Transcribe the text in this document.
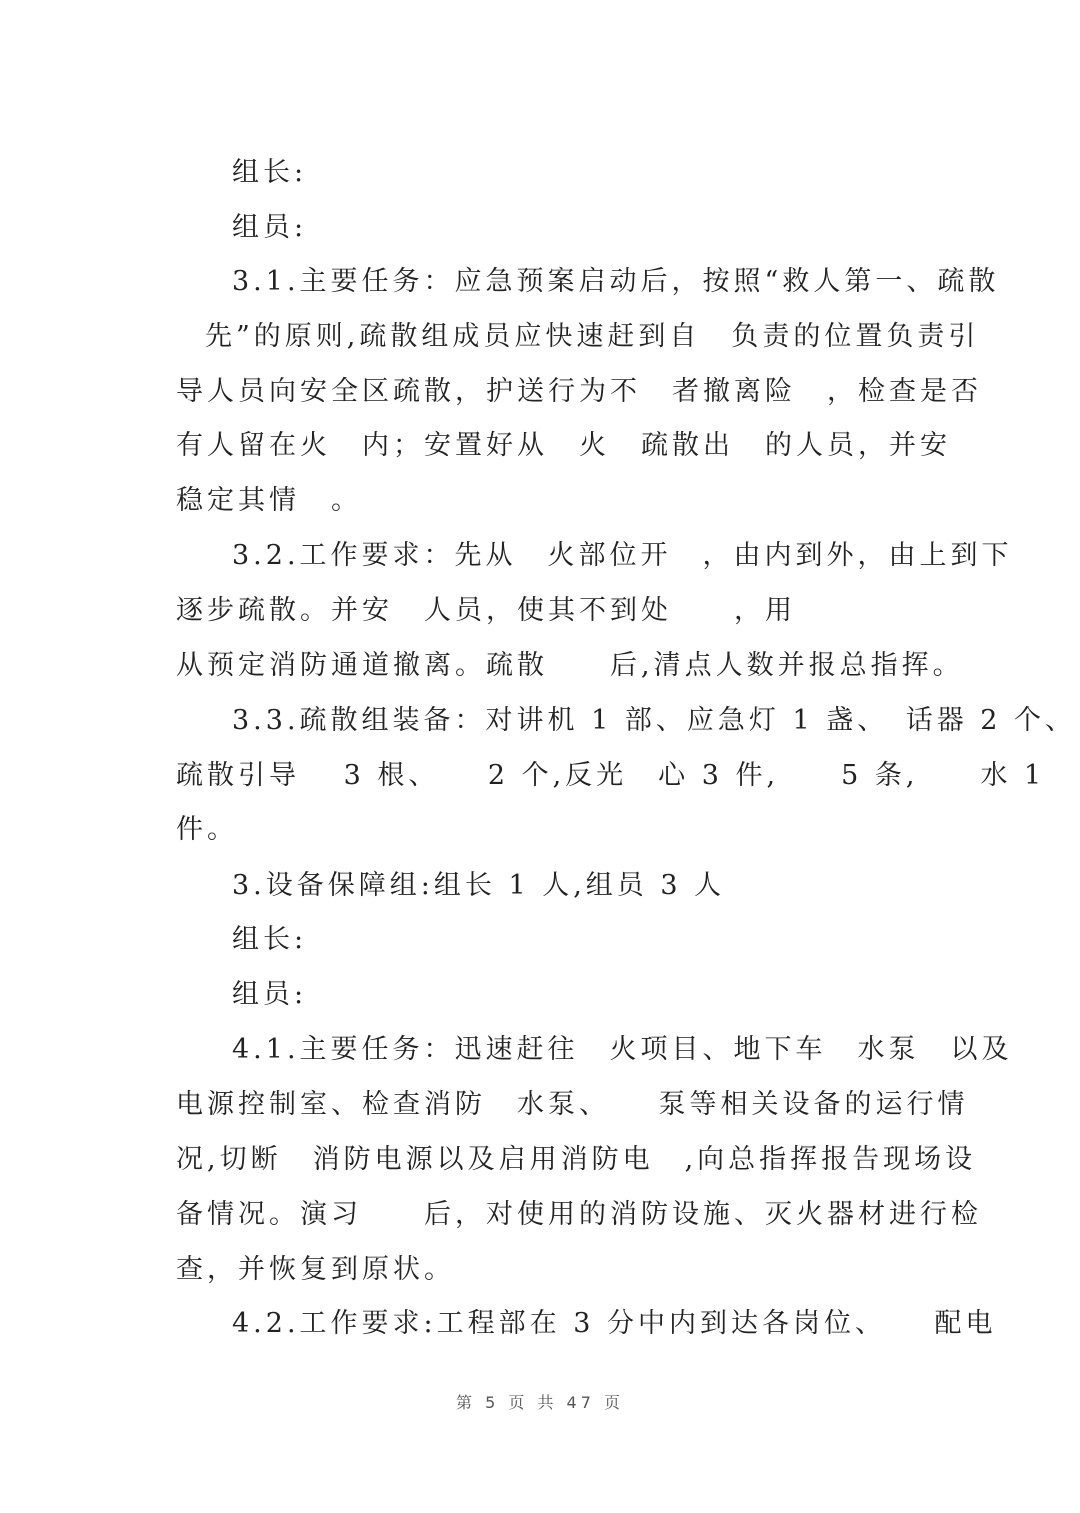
组长:
组员:
3.1.主要任务：应急预案启动后，按照“救人第一、疏散
先”的原则,疏散组成员应快速赶到自　负责的位置负责引
导人员向安全区疏散，护送行为不　者撤离险　，检查是否
有人留在火　内；安置好从　火　疏散出　的人员，并安
稳定其情　。
3.2.工作要求：先从　火部位开　，由内到外，由上到下
逐步疏散。并安　人员，使其不到处　　，用
从预定消防通道撤离。疏散　　后,清点人数并报总指挥。
3.3.疏散组装备：对讲机 1 部、应急灯 1 盏、　话器 2 个、
疏散引导　 3 根、　　2 个,反光　心 3 件,　　5 条,　　水 1
件。
3.设备保障组:组长 1 人,组员 3 人
组长:
组员:
4.1.主要任务：迅速赶往　火项目、地下车　水泵　以及
电源控制室、检查消防　水泵、　　泵等相关设备的运行情
况,切断　消防电源以及启用消防电　,向总指挥报告现场设
备情况。演习　　后，对使用的消防设施、灭火器材进行检
查，并恢复到原状。
4.2.工作要求:工程部在 3 分中内到达各岗位、　　配电
第 5 页 共 47 页
